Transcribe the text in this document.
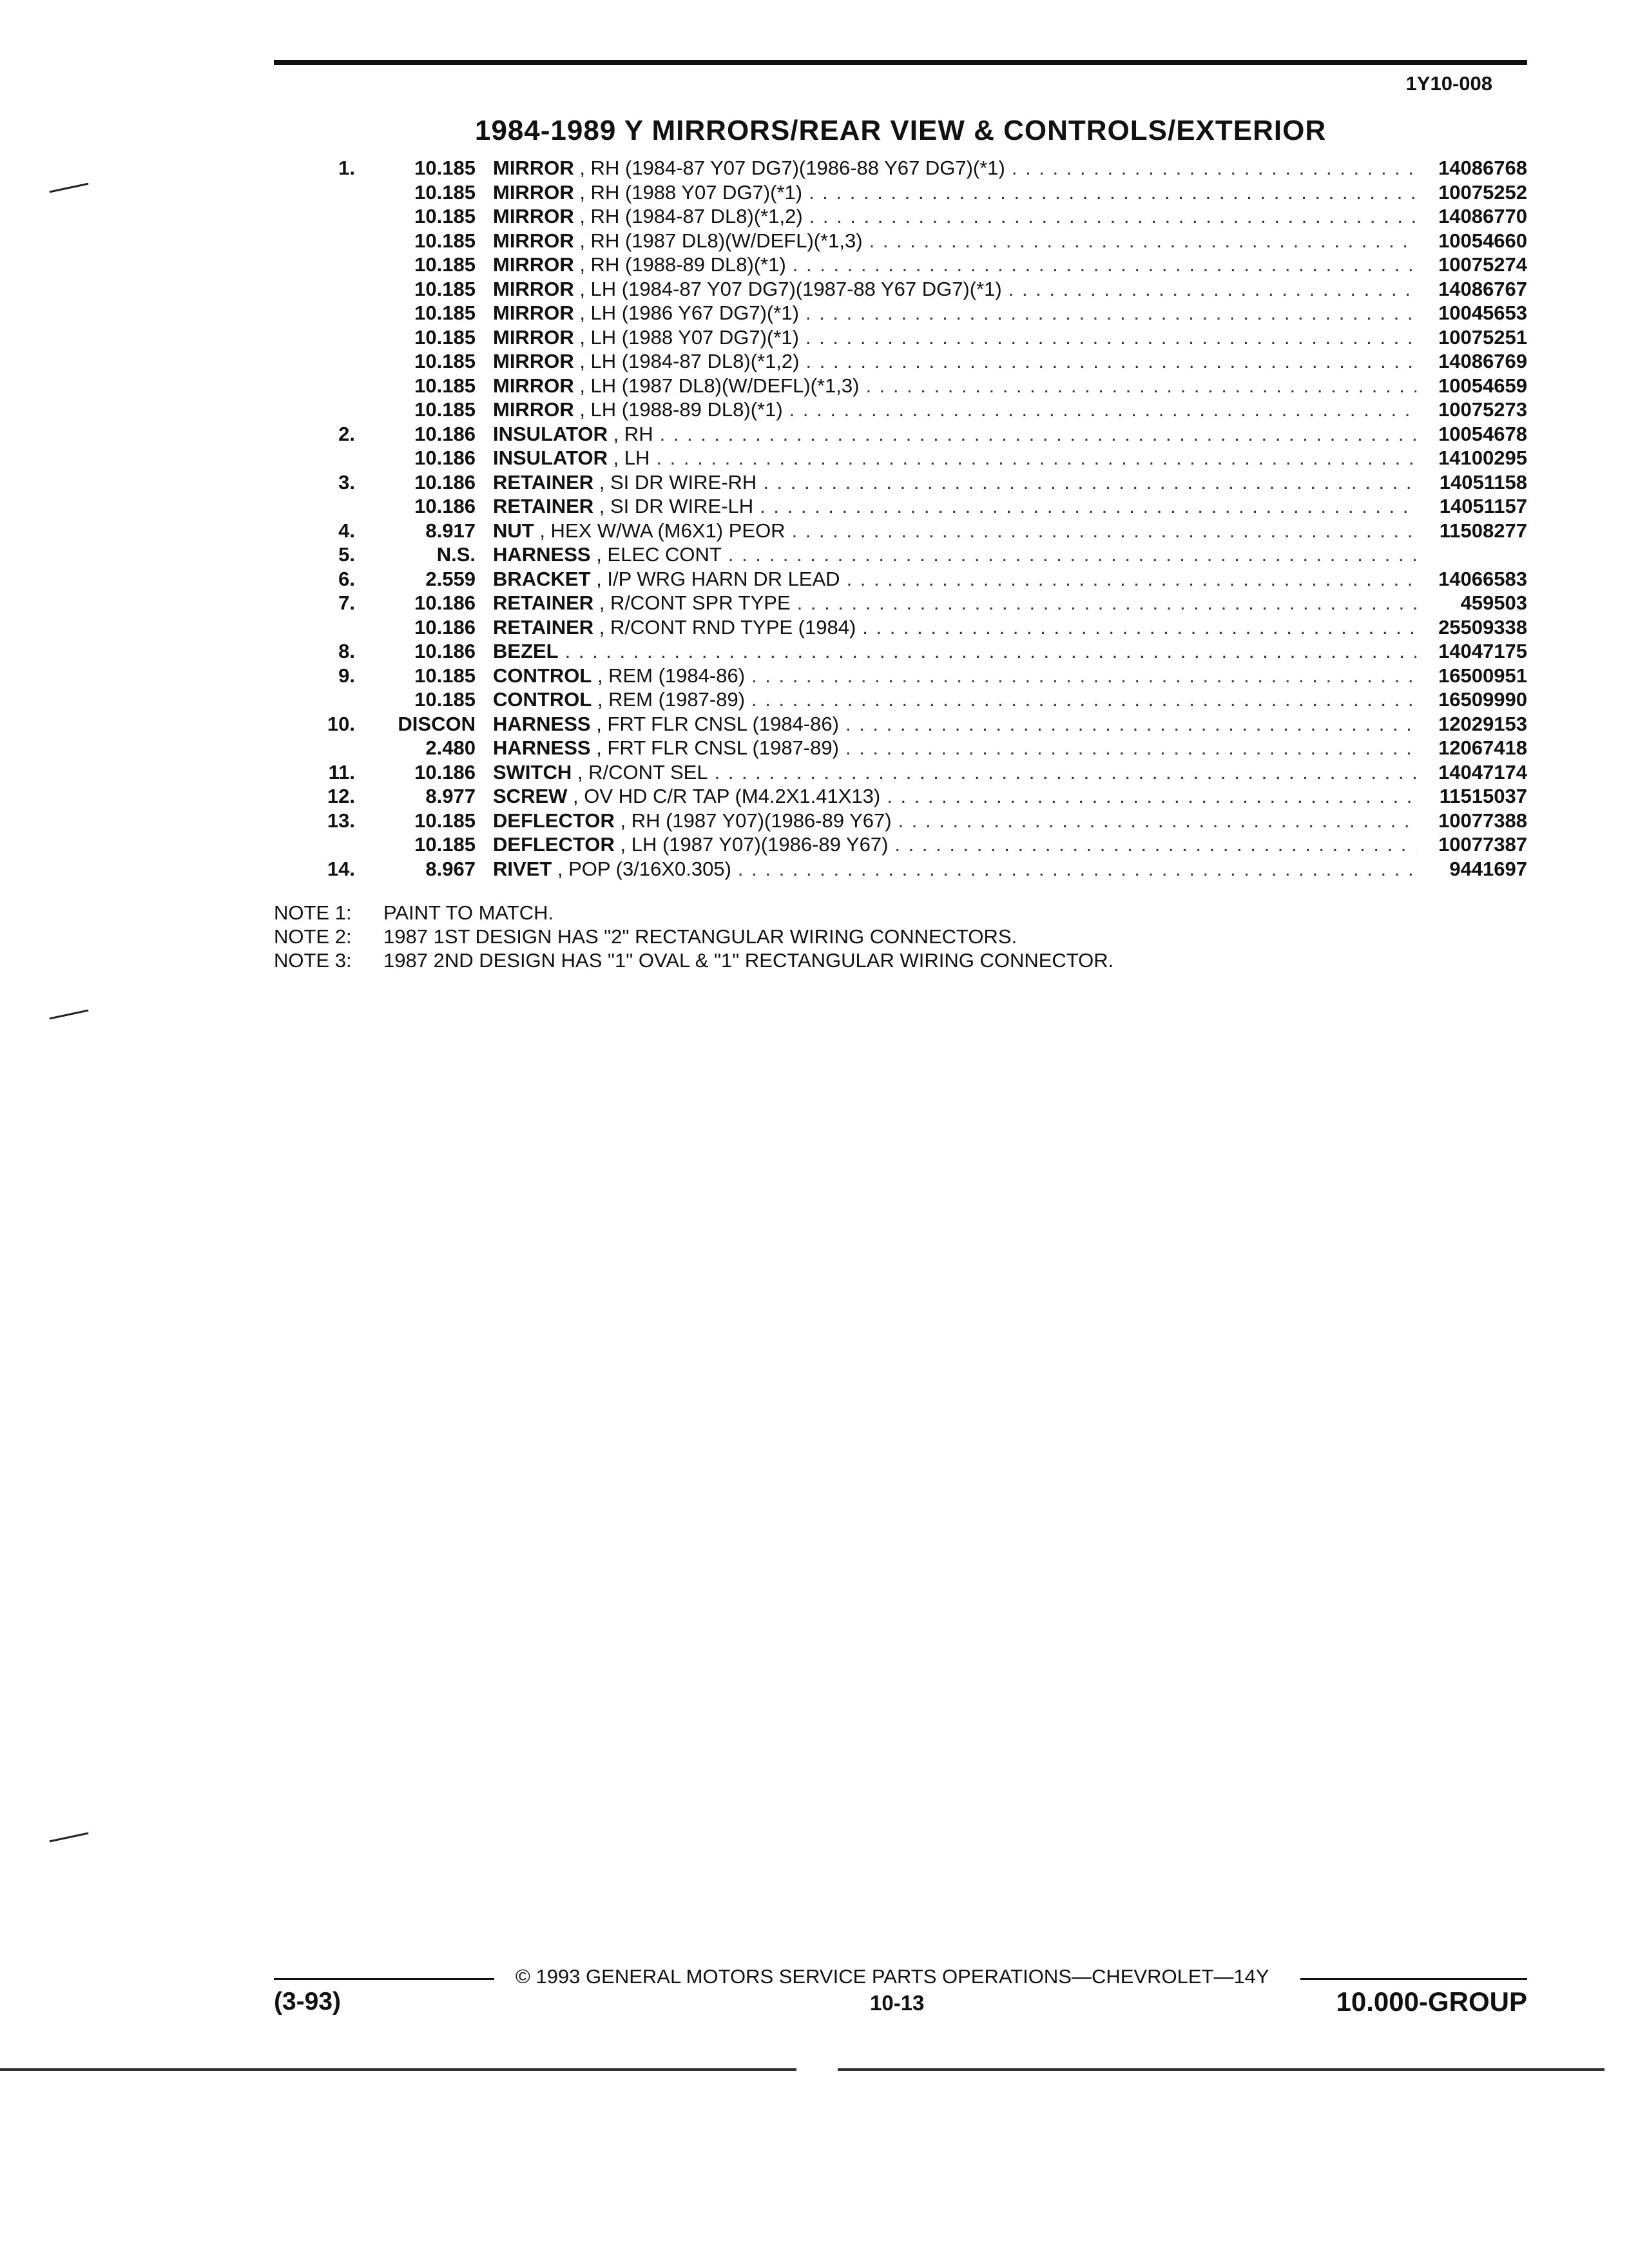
1Y10-008
1984-1989 Y MIRRORS/REAR VIEW & CONTROLS/EXTERIOR
1.	10.185 MIRROR , RH (1984-87 Y07 DG7)(1986-88 Y67 DG7)(*1) . . .	14086768
10.185 MIRROR , RH (1988 Y07 DG7)(*1) . . .	10075252
10.185 MIRROR , RH (1984-87 DL8)(*1,2) . . .	14086770
10.185 MIRROR , RH (1987 DL8)(W/DEFL)(*1,3) . . .	10054660
10.185 MIRROR , RH (1988-89 DL8)(*1) . . .	10075274
10.185 MIRROR , LH (1984-87 Y07 DG7)(1987-88 Y67 DG7)(*1) . . .	14086767
10.185 MIRROR , LH (1986 Y67 DG7)(*1) . . .	10045653
10.185 MIRROR , LH (1988 Y07 DG7)(*1) . . .	10075251
10.185 MIRROR , LH (1984-87 DL8)(*1,2) . . .	14086769
10.185 MIRROR , LH (1987 DL8)(W/DEFL)(*1,3) . . .	10054659
10.185 MIRROR , LH (1988-89 DL8)(*1) . . .	10075273
2.	10.186 INSULATOR , RH . . .	10054678
10.186 INSULATOR , LH . . .	14100295
3.	10.186 RETAINER , SI DR WIRE-RH . . .	14051158
10.186 RETAINER , SI DR WIRE-LH . . .	14051157
4.	8.917 NUT , HEX W/WA (M6X1) PEOR . . .	11508277
5.	N.S. HARNESS , ELEC CONT
. . .
6.	2.559 BRACKET , I/P WRG HARN DR LEAD . . .	14066583
7.	10.186 RETAINER , R/CONT SPR TYPE . . .	459503
10.186 RETAINER , R/CONT RND TYPE (1984) . . .	25509338
8.	10.186 BEZEL . . .	14047175
9.	10.185 CONTROL , REM (1984-86) . . .	16500951
10.185 CONTROL , REM (1987-89) . . .	16509990
10. DISCON HARNESS , FRT FLR CNSL (1984-86) . . .	12029153
2.480 HARNESS , FRT FLR CNSL (1987-89) . . .	12067418
11.	10.186 SWITCH , R/CONT SEL . . .	14047174
12.	8.977 SCREW , OV HD C/R TAP (M4.2X1.41X13) . . .	11515037
13.	10.185 DEFLECTOR , RH (1987 Y07)(1986-89 Y67) . . .	10077388
10.185 DEFLECTOR , LH (1987 Y07)(1986-89 Y67) . . .	10077387
14.	8.967 RIVET , POP (3/16X0.305) . . .	9441697
NOTE 1: PAINT TO MATCH.
NOTE 2: 1987 1ST DESIGN HAS "2" RECTANGULAR WIRING CONNECTORS.
NOTE 3: 1987 2ND DESIGN HAS "1" OVAL & "1" RECTANGULAR WIRING CONNECTOR.
© 1993 GENERAL MOTORS SERVICE PARTS OPERATIONS—CHEVROLET—14Y
(3-93)	10-13	10.000-GROUP
